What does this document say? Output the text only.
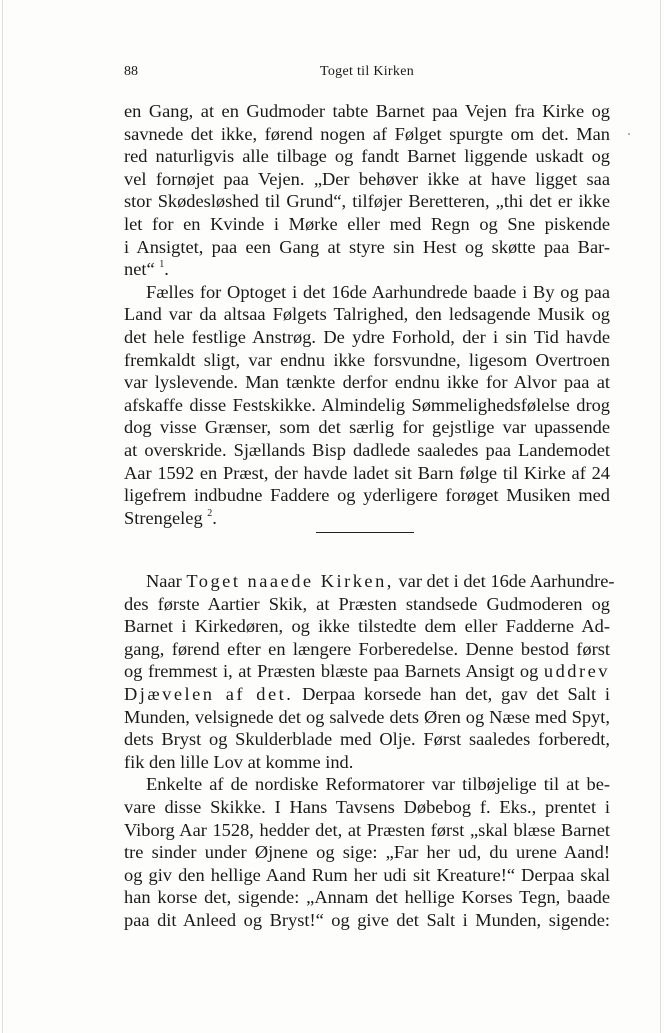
88	Toget til Kirken
en Gang, at en Gudmoder tabte Barnet paa Vejen fra Kirke og
savnede det ikke, førend nogen af Følget spurgte om det. Man
red naturligvis alle tilbage og fandt Barnet liggende uskadt og
vel fornøjet paa Vejen. „Der behøver ikke at have ligget saa
stor Skødesløshed til Grund“, tilføjer Beretteren, „thi det er ikke
let for en Kvinde i Mørke eller med Regn og Sne piskende
i Ansigtet, paa een Gang at styre sin Hest og skøtte paa Bar-
net“ $^1$.
Fælles for Optoget i det 16de Aarhundrede baade i By og paa
Land var da altsaa Følgets Talrighed, den ledsagende Musik og
det hele festlige Anstrøg. De ydre Forhold, der i sin Tid havde
fremkaldt sligt, var endnu ikke forsvundne, ligesom Overtroen
var lyslevende. Man tænkte derfor endnu ikke for Alvor paa at
afskaffe disse Festskikke. Almindelig Sømmelighedsfølelse drog
dog visse Grænser, som det særlig for gejstlige var upassende
at overskride. Sjællands Bisp dadlede saaledes paa Landemodet
Aar 1592 en Præst, der havde ladet sit Barn følge til Kirke af 24
ligefrem indbudne Faddere og yderligere forøget Musiken med
Strengeleg $^2$.
Naar Toget naaede Kirken, var det i det 16de Aarhundre-
des første Aartier Skik, at Præsten standsede Gudmoderen og
Barnet i Kirkedøren, og ikke tilstedte dem eller Fadderne Ad-
gang, førend efter en længere Forberedelse. Denne bestod først
og fremmest i, at Præsten blæste paa Barnets Ansigt og uddrev
Djævelen af det. Derpaa korsede han det, gav det Salt i
Munden, velsignede det og salvede dets Øren og Næse med Spyt,
dets Bryst og Skulderblade med Olje. Først saaledes forberedt,
fik den lille Lov at komme ind.
Enkelte af de nordiske Reformatorer var tilbøjelige til at be-
vare disse Skikke. I Hans Tavsens Døbebog f. Eks., prentet i
Viborg Aar 1528, hedder det, at Præsten først „skal blæse Barnet
tre sinder under Øjnene og sige: „Far her ud, du urene Aand!
og giv den hellige Aand Rum her udi sit Kreature!“ Derpaa skal
han korse det, sigende: „Annam det hellige Korses Tegn, baade
paa dit Anleed og Bryst!“ og give det Salt i Munden, sigende:
